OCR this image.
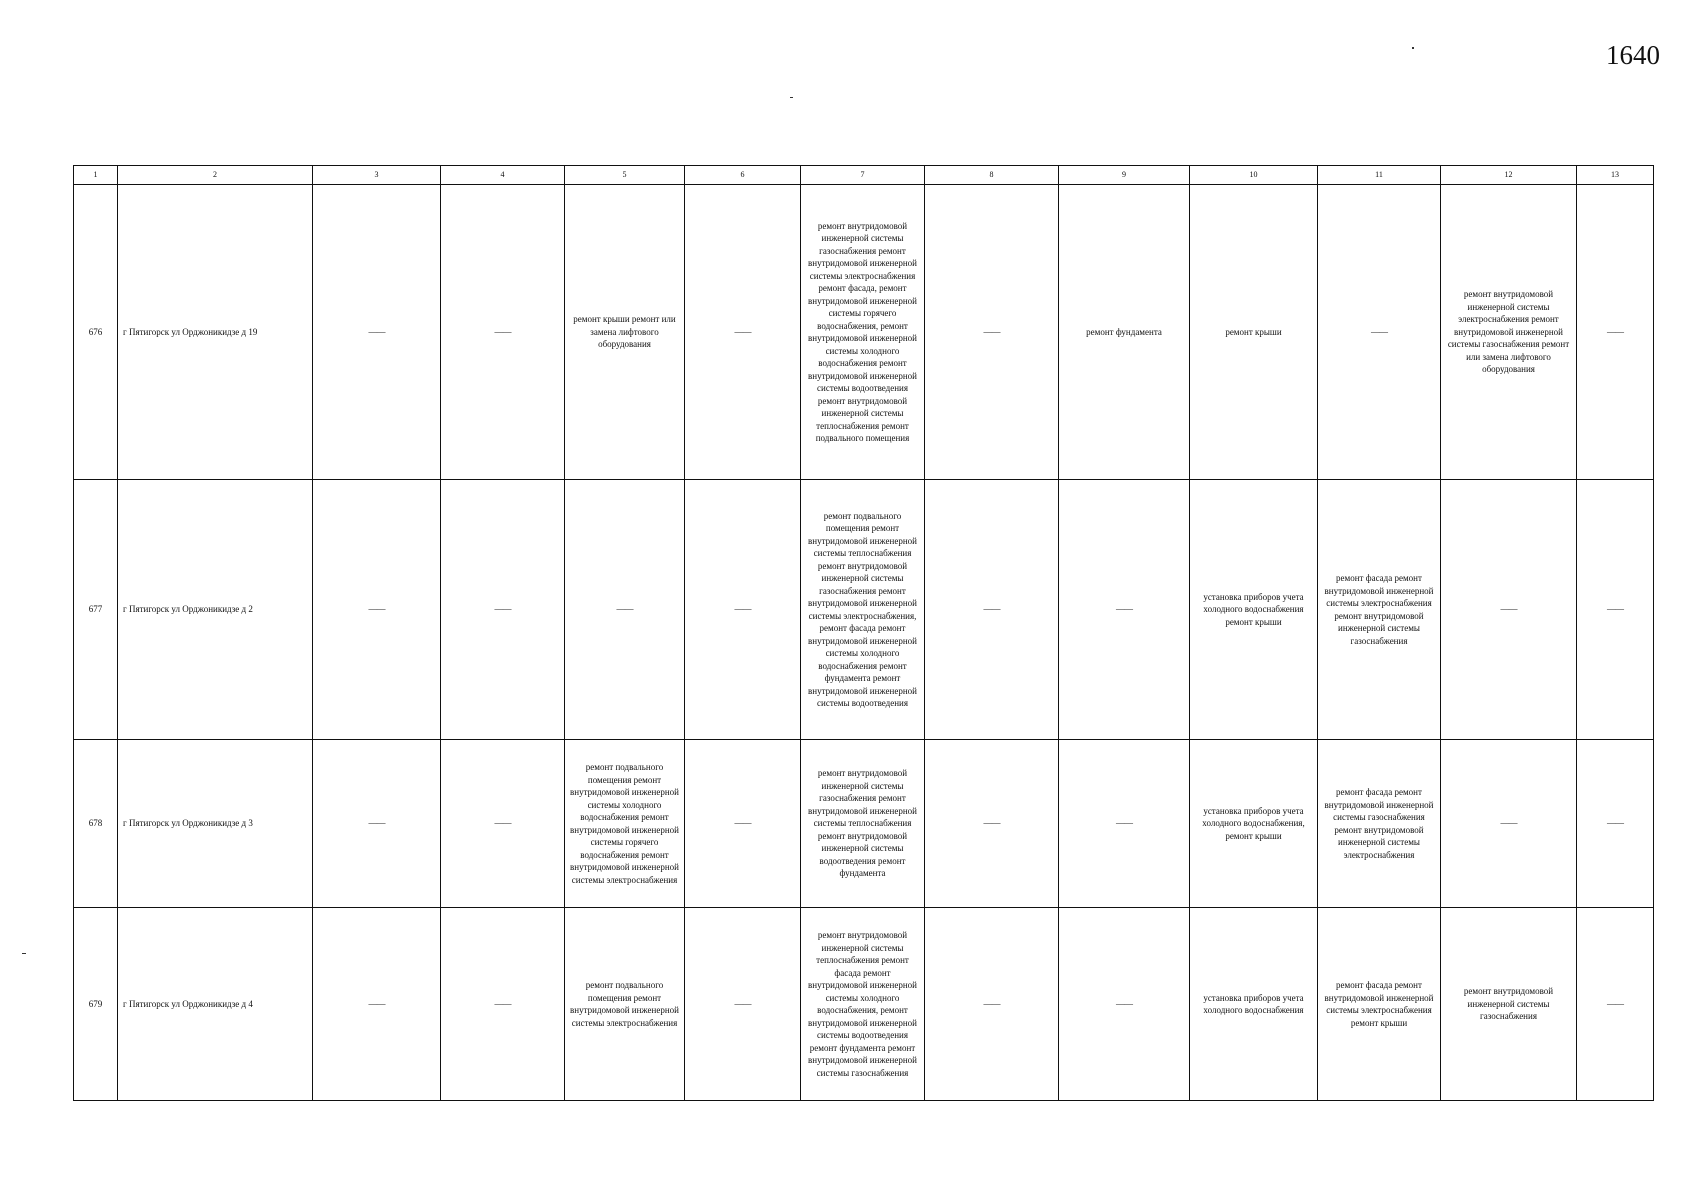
1640
1	2	3	4	5	6	7	8	9	10	11	12	13
676	г Пятигорск ул Орджоникидзе д 19	——	——	ремонт крыши ремонт или замена лифтового оборудования	——	ремонт внутридомовой инженерной системы газоснабжения ремонт внутридомовой инженерной системы электроснабжения ремонт фасада, ремонт внутридомовой инженерной системы горячего водоснабжения, ремонт внутридомовой инженерной системы холодного водоснабжения ремонт внутридомовой инженерной системы водоотведения ремонт внутридомовой инженерной системы теплоснабжения ремонт подвального помещения	——	ремонт фундамента	ремонт крыши	——	ремонт внутридомовой инженерной системы электроснабжения ремонт внутридомовой инженерной системы газоснабжения ремонт или замена лифтового оборудования	——
677	г Пятигорск ул Орджоникидзе д 2	——	——	——	——	ремонт подвального помещения ремонт внутридомовой инженерной системы теплоснабжения ремонт внутридомовой инженерной системы газоснабжения ремонт внутридомовой инженерной системы электроснабжения, ремонт фасада ремонт внутридомовой инженерной системы холодного водоснабжения ремонт фундамента ремонт внутридомовой инженерной системы водоотведения	——	——	установка приборов учета холодного водоснабжения ремонт крыши	ремонт фасада ремонт внутридомовой инженерной системы электроснабжения ремонт внутридомовой инженерной системы газоснабжения	——	——
678	г Пятигорск ул Орджоникидзе д 3	——	——	ремонт подвального помещения ремонт внутридомовой инженерной системы холодного водоснабжения ремонт внутридомовой инженерной системы горячего водоснабжения ремонт внутридомовой инженерной системы электроснабжения	——	ремонт внутридомовой инженерной системы газоснабжения ремонт внутридомовой инженерной системы теплоснабжения ремонт внутридомовой инженерной системы водоотведения ремонт фундамента	——	——	установка приборов учета холодного водоснабжения, ремонт крыши	ремонт фасада ремонт внутридомовой инженерной системы газоснабжения ремонт внутридомовой инженерной системы электроснабжения	——	——
679	г Пятигорск ул Орджоникидзе д 4	——	——	ремонт подвального помещения ремонт внутридомовой инженерной системы электроснабжения	——	ремонт внутридомовой инженерной системы теплоснабжения ремонт фасада ремонт внутридомовой инженерной системы холодного водоснабжения, ремонт внутридомовой инженерной системы водоотведения ремонт фундамента ремонт внутридомовой инженерной системы газоснабжения	——	——	установка приборов учета холодного водоснабжения	ремонт фасада ремонт внутридомовой инженерной системы электроснабжения ремонт крыши	ремонт внутридомовой инженерной системы газоснабжения	——
